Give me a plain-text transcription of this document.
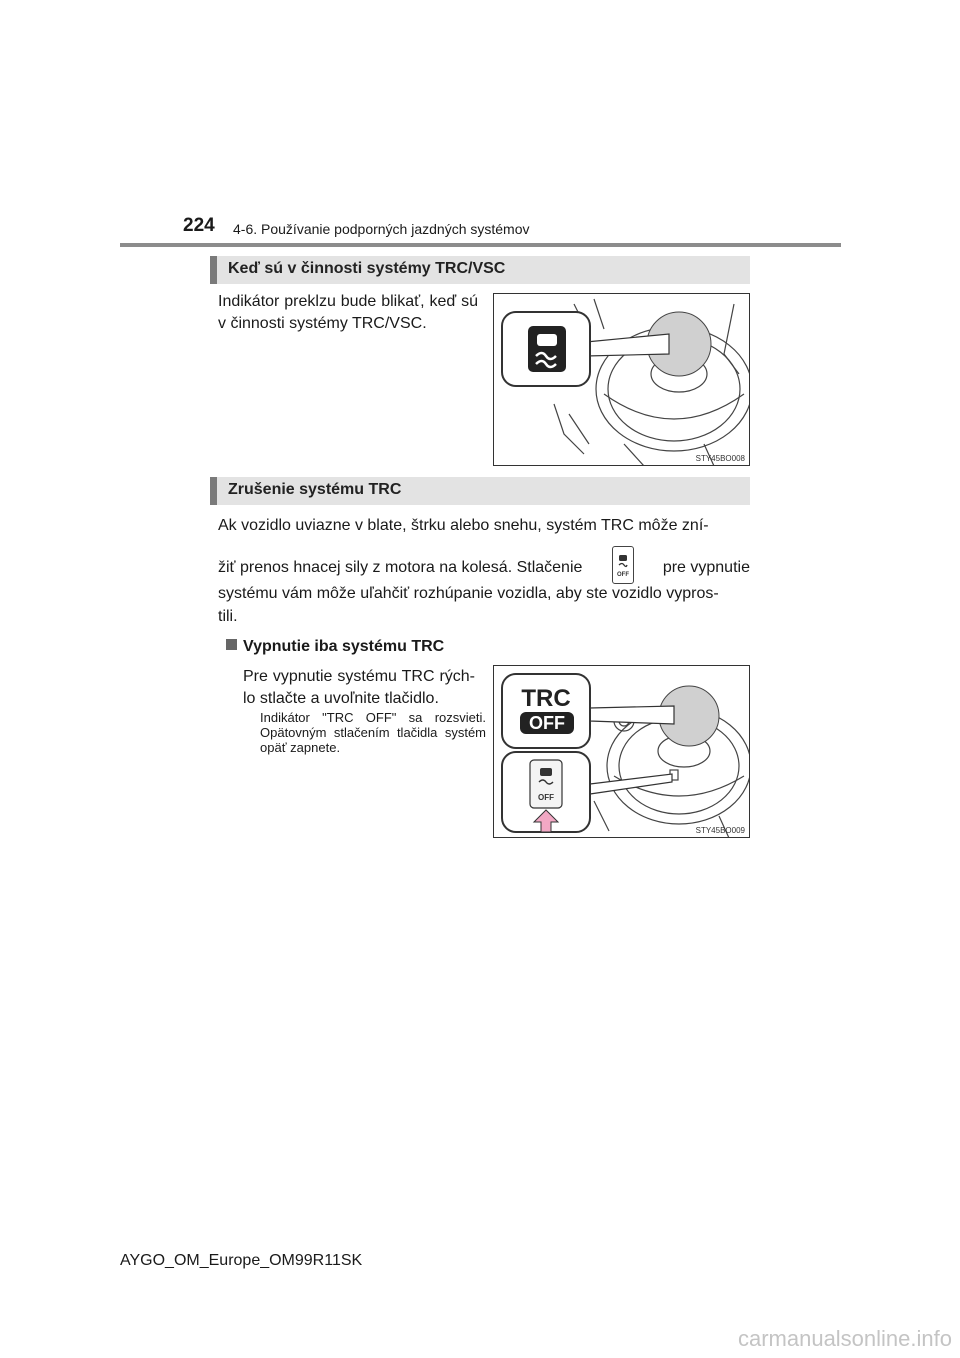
224 4-6. Používanie podporných jazdných systémov
Keď sú v činnosti systémy TRC/VSC
Indikátor preklzu bude blikať, keď sú v činnosti systémy TRC/VSC.
STY45BO008
Zrušenie systému TRC
Ak vozidlo uviazne v blate, štrku alebo snehu, systém TRC môže zní-
žiť prenos hnacej sily z motora na kolesá. Stlačenie	OFF pre vypnutie
systému vám môže uľahčiť rozhúpanie vozidla, aby ste vozidlo vypros-
tili.
Vypnutie iba systému TRC
Pre vypnutie systému TRC rých-lo stlačte a uvoľnite tlačidlo.
Indikátor "TRC OFF" sa rozsvieti. Opätovným stlačením tlačidla systém opäť zapnete.
TRC
OFF
OFF
STY45BO009
AYGO_OM_Europe_OM99R11SK
carmanualsonline.info
